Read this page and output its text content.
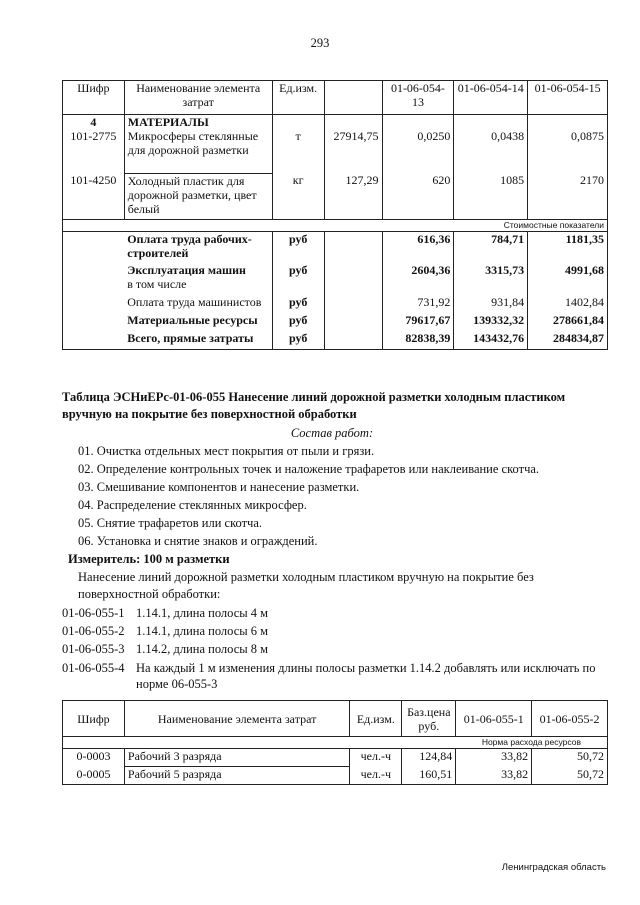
293
Шифр	Наименование элемента затрат	Ед.изм.		01-06-054-13	01-06-054-14	01-06-054-15
4	МАТЕРИАЛЫ					
101-2775	Микросферы стеклянные для дорожной разметки	т	27914,75	0,0250	0,0438	0,0875
101-4250	Холодный пластик для дорожной разметки, цвет белый	кг	127,29	620	1085	2170
Стоимостные показатели						
	Оплата труда рабочих-строителей	руб		616,36	784,71	1181,35
	Эксплуатация машин	руб		2604,36	3315,73	4991,68
	в том числе					
	Оплата труда машинистов	руб		731,92	931,84	1402,84
	Материальные ресурсы	руб		79617,67	139332,32	278661,84
	Всего, прямые затраты	руб		82838,39	143432,76	284834,87
Таблица ЭСНиЕРс-01-06-055 Нанесение линий дорожной разметки холодным пластиком вручную на покрытие без поверхностной обработки
Состав работ:
01. Очистка отдельных мест покрытия от пыли и грязи.
02. Определение контрольных точек и наложение трафаретов или наклеивание скотча.
03. Смешивание компонентов и нанесение разметки.
04. Распределение стеклянных микросфер.
05. Снятие трафаретов или скотча.
06. Установка и снятие знаков и ограждений.
Измеритель: 100 м разметки
Нанесение линий дорожной разметки холодным пластиком вручную на покрытие без поверхностной обработки:
01-06-055-1 1.14.1, длина полосы 4 м
01-06-055-2 1.14.1, длина полосы 6 м
01-06-055-3 1.14.2, длина полосы 8 м
01-06-055-4 На каждый 1 м изменения длины полосы разметки 1.14.2 добавлять или исключать по норме 06-055-3
Шифр	Наименование элемента затрат	Ед.изм.	Баз.цена руб.	01-06-055-1	01-06-055-2
				Норма расхода ресурсов	
0-0003	Рабочий 3 разряда	чел.-ч	124,84	33,82	50,72
0-0005	Рабочий 5 разряда	чел.-ч	160,51	33,82	50,72
Ленинградская область
